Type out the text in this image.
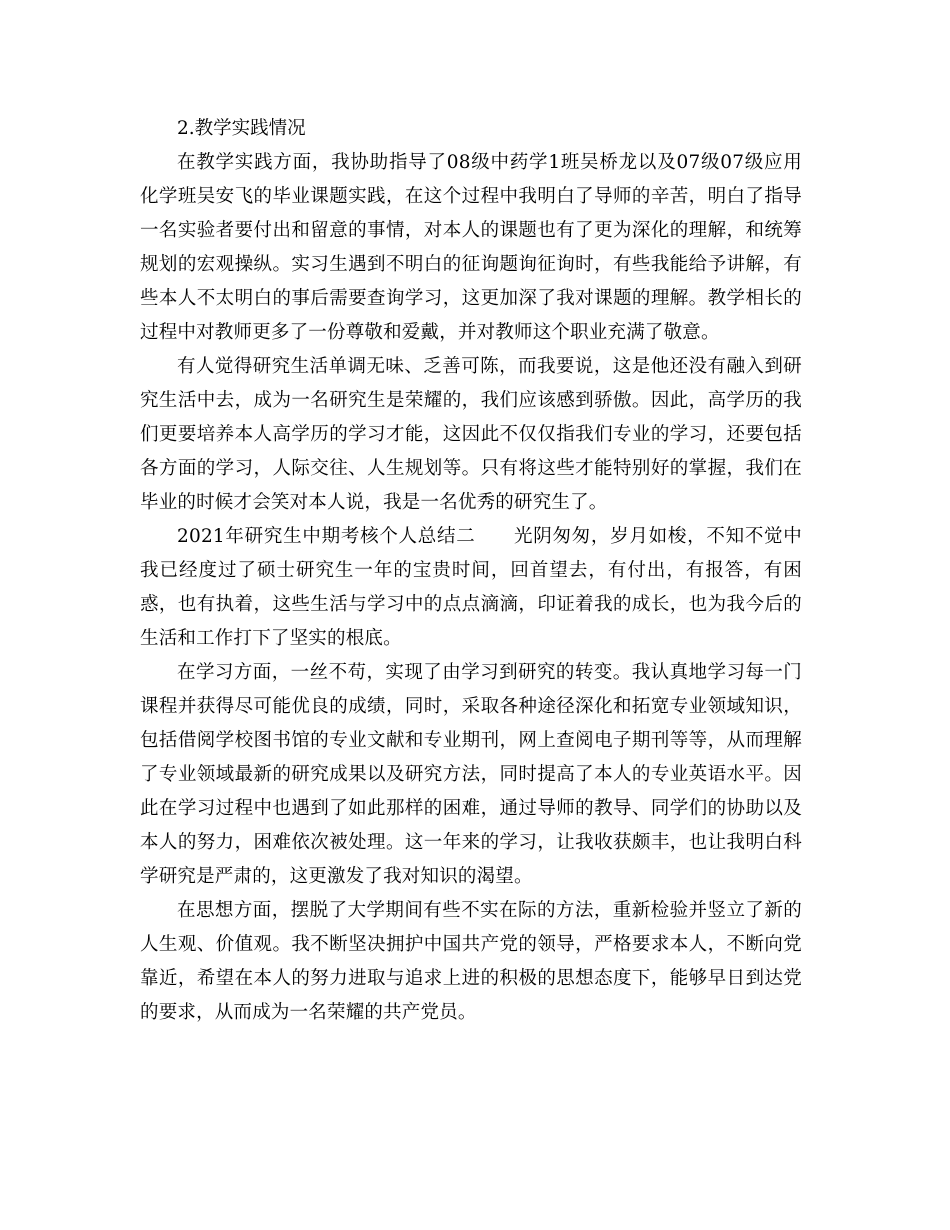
2.教学实践情况

在教学实践方面，我协助指导了08级中药学1班吴桥龙以及07级07级应用化学班吴安飞的毕业课题实践，在这个过程中我明白了导师的辛苦，明白了指导一名实验者要付出和留意的事情，对本人的课题也有了更为深化的理解，和统筹规划的宏观操纵。实习生遇到不明白的征询题询征询时，有些我能给予讲解，有些本人不太明白的事后需要查询学习，这更加深了我对课题的理解。教学相长的过程中对教师更多了一份尊敬和爱戴，并对教师这个职业充满了敬意。

有人觉得研究生活单调无味、乏善可陈，而我要说，这是他还没有融入到研究生活中去，成为一名研究生是荣耀的，我们应该感到骄傲。因此，高学历的我们更要培养本人高学历的学习才能，这因此不仅仅指我们专业的学习，还要包括各方面的学习，人际交往、人生规划等。只有将这些才能特别好的掌握，我们在毕业的时候才会笑对本人说，我是一名优秀的研究生了。

2021年研究生中期考核个人总结二　　光阴匆匆，岁月如梭，不知不觉中我已经度过了硕士研究生一年的宝贵时间，回首望去，有付出，有报答，有困惑，也有执着，这些生活与学习中的点点滴滴，印证着我的成长，也为我今后的生活和工作打下了坚实的根底。

在学习方面，一丝不苟，实现了由学习到研究的转变。我认真地学习每一门课程并获得尽可能优良的成绩，同时，采取各种途径深化和拓宽专业领域知识，包括借阅学校图书馆的专业文献和专业期刊，网上查阅电子期刊等等，从而理解了专业领域最新的研究成果以及研究方法，同时提高了本人的专业英语水平。因此在学习过程中也遇到了如此那样的困难，通过导师的教导、同学们的协助以及本人的努力，困难依次被处理。这一年来的学习，让我收获颇丰，也让我明白科学研究是严肃的，这更激发了我对知识的渴望。

在思想方面，摆脱了大学期间有些不实在际的方法，重新检验并竖立了新的人生观、价值观。我不断坚决拥护中国共产党的领导，严格要求本人，不断向党靠近，希望在本人的努力进取与追求上进的积极的思想态度下，能够早日到达党的要求，从而成为一名荣耀的共产党员。
